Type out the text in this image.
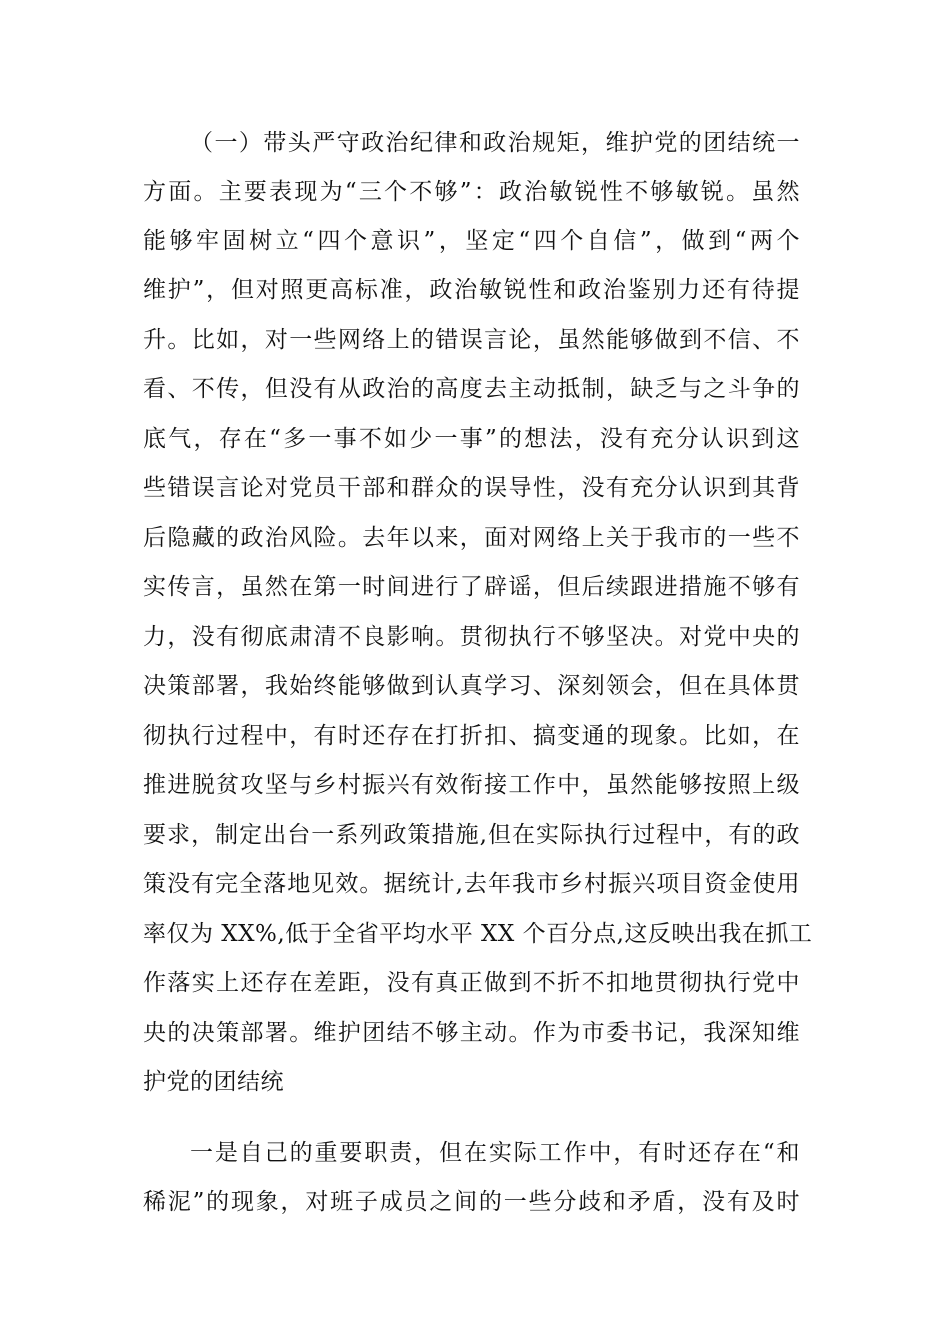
（一）带头严守政治纪律和政治规矩，维护党的团结统一
方面。主要表现为“三个不够”：政治敏锐性不够敏锐。虽然
能够牢固树立“四个意识”，坚定“四个自信”，做到“两个
维护”，但对照更高标准，政治敏锐性和政治鉴别力还有待提
升。比如，对一些网络上的错误言论，虽然能够做到不信、不
看、不传，但没有从政治的高度去主动抵制，缺乏与之斗争的
底气，存在“多一事不如少一事”的想法，没有充分认识到这
些错误言论对党员干部和群众的误导性，没有充分认识到其背
后隐藏的政治风险。去年以来，面对网络上关于我市的一些不
实传言，虽然在第一时间进行了辟谣，但后续跟进措施不够有
力，没有彻底肃清不良影响。贯彻执行不够坚决。对党中央的
决策部署，我始终能够做到认真学习、深刻领会，但在具体贯
彻执行过程中，有时还存在打折扣、搞变通的现象。比如，在
推进脱贫攻坚与乡村振兴有效衔接工作中，虽然能够按照上级
要求，制定出台一系列政策措施,但在实际执行过程中，有的政
策没有完全落地见效。据统计,去年我市乡村振兴项目资金使用
率仅为 XX%,低于全省平均水平 XX 个百分点,这反映出我在抓工
作落实上还存在差距，没有真正做到不折不扣地贯彻执行党中
央的决策部署。维护团结不够主动。作为市委书记，我深知维
护党的团结统
一是自己的重要职责，但在实际工作中，有时还存在“和
稀泥”的现象，对班子成员之间的一些分歧和矛盾，没有及时
